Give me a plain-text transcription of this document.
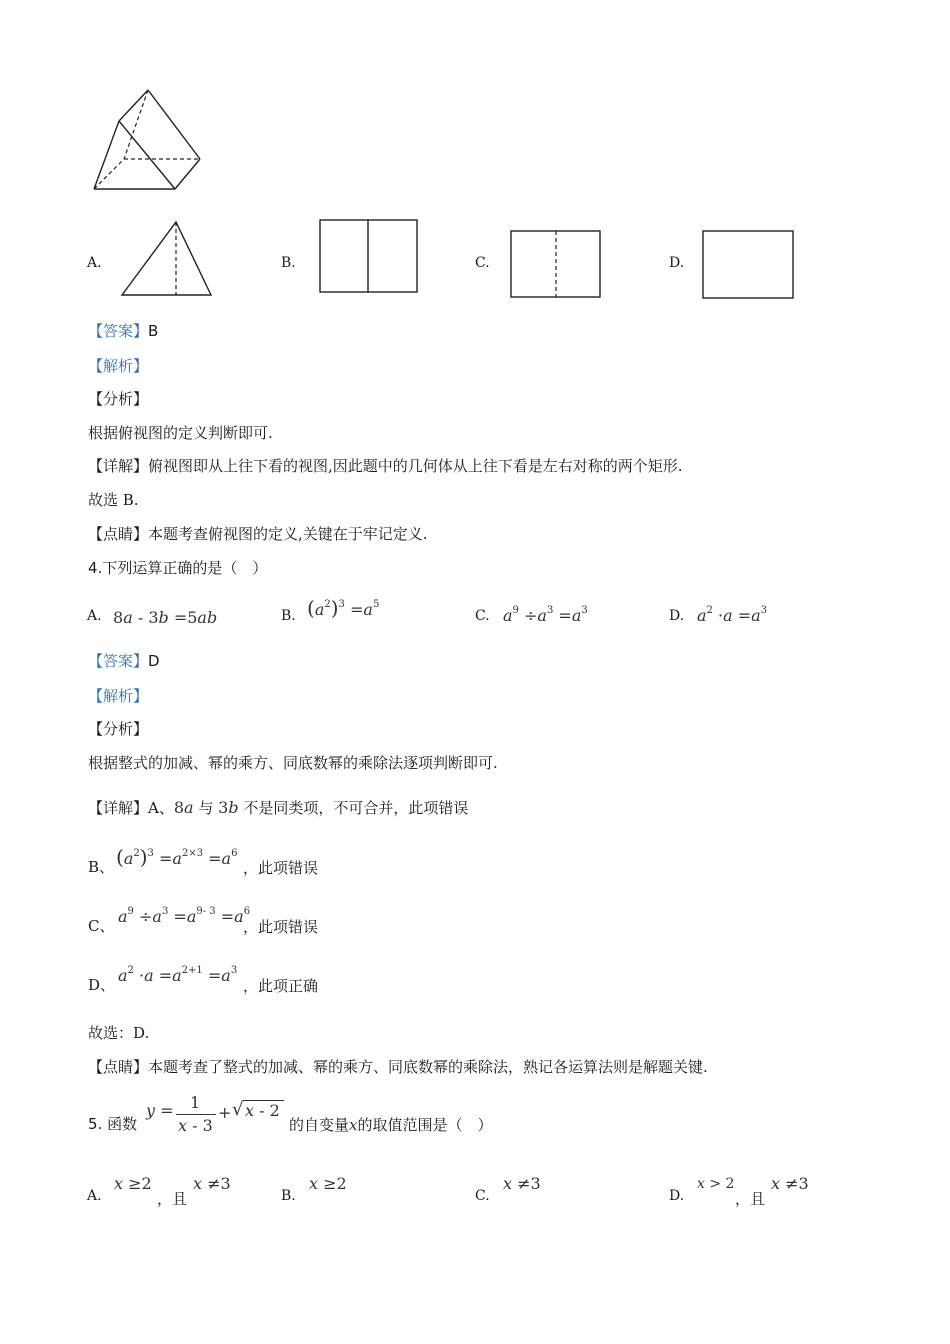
A.	B.	C.	D.
【答案】B
【解析】
【分析】
根据俯视图的定义判断即可.
【详解】俯视图即从上往下看的视图,因此题中的几何体从上往下看是左右对称的两个矩形.
故选 B.
【点睛】本题考查俯视图的定义,关键在于牢记定义.
4.下列运算正确的是（　）
A. 8a - 3b =5ab	B. $(a^2)^3 =a^5$
C. $a^9 \div a^3 =a^3$	D. $a^2 \cdot a =a^3$
【答案】D
【解析】
【分析】
根据整式的加减、幂的乘方、同底数幂的乘除法逐项判断即可.
【详解】A、8a 与 3b 不是同类项，不可合并，此项错误
B、 $(a^2)^3 =a^{2\times 3} =a^6$
，此项错误
C、 $a^9 \div a^3 =a^{9- 3} =a^6$
，此项错误
D、 $a^2 \cdot a =a^{2+1} =a^3$
，此项正确
故选：D.
【点睛】本题考查了整式的加减、幂的乘方、同底数幂的乘除法，熟记各运算法则是解题关键.
5. 函数
y = 1
x - 3
+ √ x - 2
的自变量x的取值范围是（　）
A.
x ≥2
，且
x ≠3
B.
x ≥2
C.
x ≠3
D.
x > 2
，且
x ≠3
